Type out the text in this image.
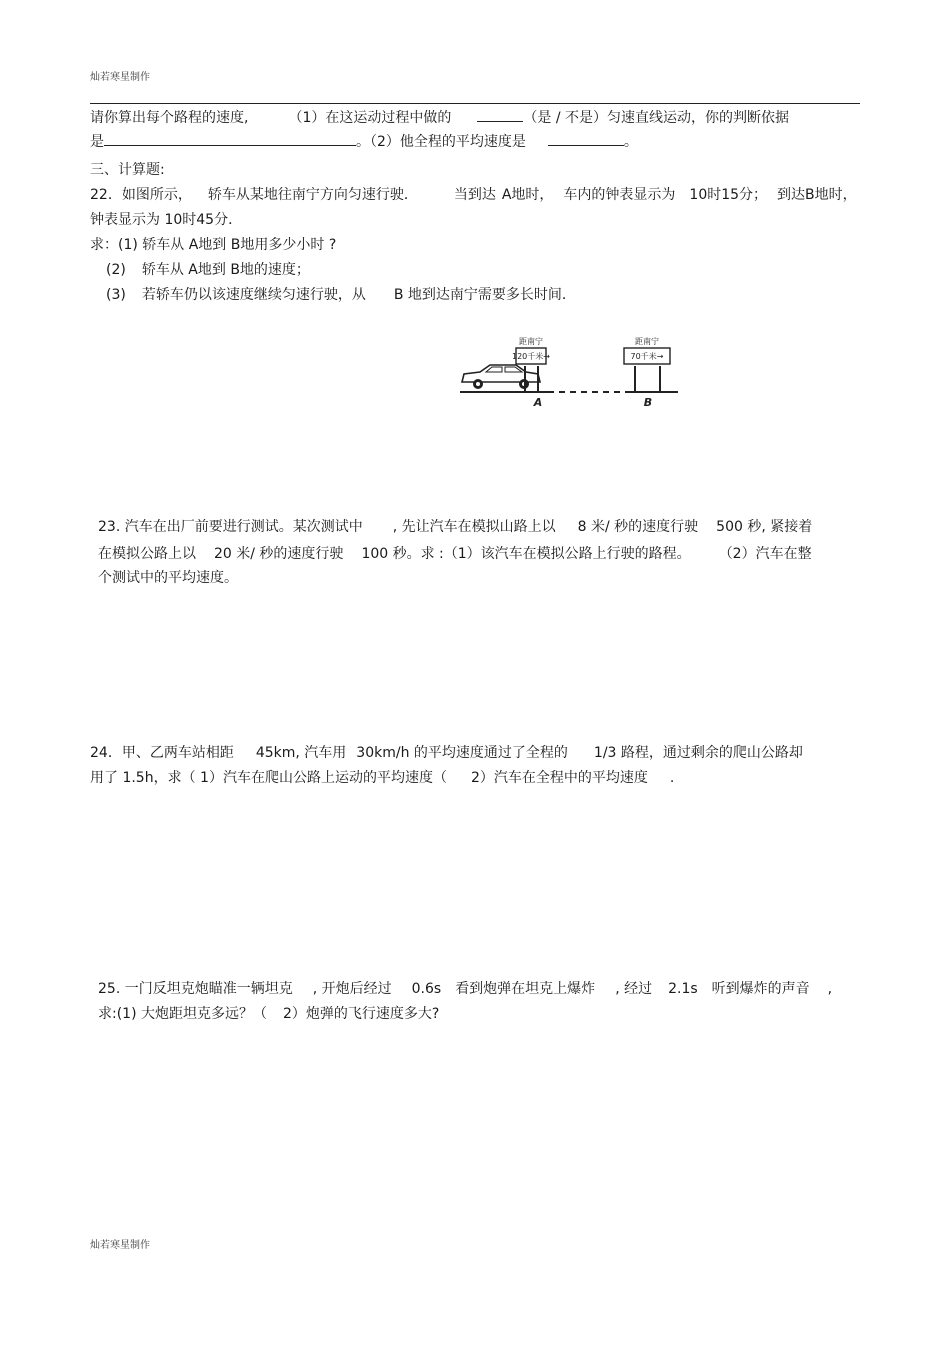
灿若寒星制作
灿若寒星制作
请你算出每个路程的速度,	（1）在这运动过程中做的	（是 / 不是）匀速直线运动，你的判断依据
是	。（2）他全程的平均速度是	。
三、计算题:
22．如图所示， 轿车从某地往南宁方向匀速行驶．	当到达 A地时， 车内的钟表显示为 10时15分； 到达B地时，
钟表显示为 10时45分．
求：(1) 轿车从 A地到 B地用多少小时 ?
(2) 轿车从 A地到 B地的速度；
(3) 若轿车仍以该速度继续匀速行驶，从 B 地到达南宁需要多长时间．
距南宁
120千米→
A
距南宁
70千米→
B
23. 汽车在出厂前要进行测试。某次测试中 , 先让汽车在模拟山路上以 8 米/ 秒的速度行驶 500 秒, 紧接着
在模拟公路上以 20 米/ 秒的速度行驶 100 秒。求 :（1）该汽车在模拟公路上行驶的路程。 （2）汽车在整
个测试中的平均速度。
24．甲、乙两车站相距 45km, 汽车用 30km/h 的平均速度通过了全程的 1/3 路程，通过剩余的爬山公路却
用了 1.5h，求（ 1）汽车在爬山公路上运动的平均速度（ 2）汽车在全程中的平均速度 .
25. 一门反坦克炮瞄准一辆坦克 , 开炮后经过 0.6s 看到炮弹在坦克上爆炸 , 经过 2.1s 听到爆炸的声音 ,
求:(1) 大炮距坦克多远？（ 2）炮弹的飞行速度多大?
